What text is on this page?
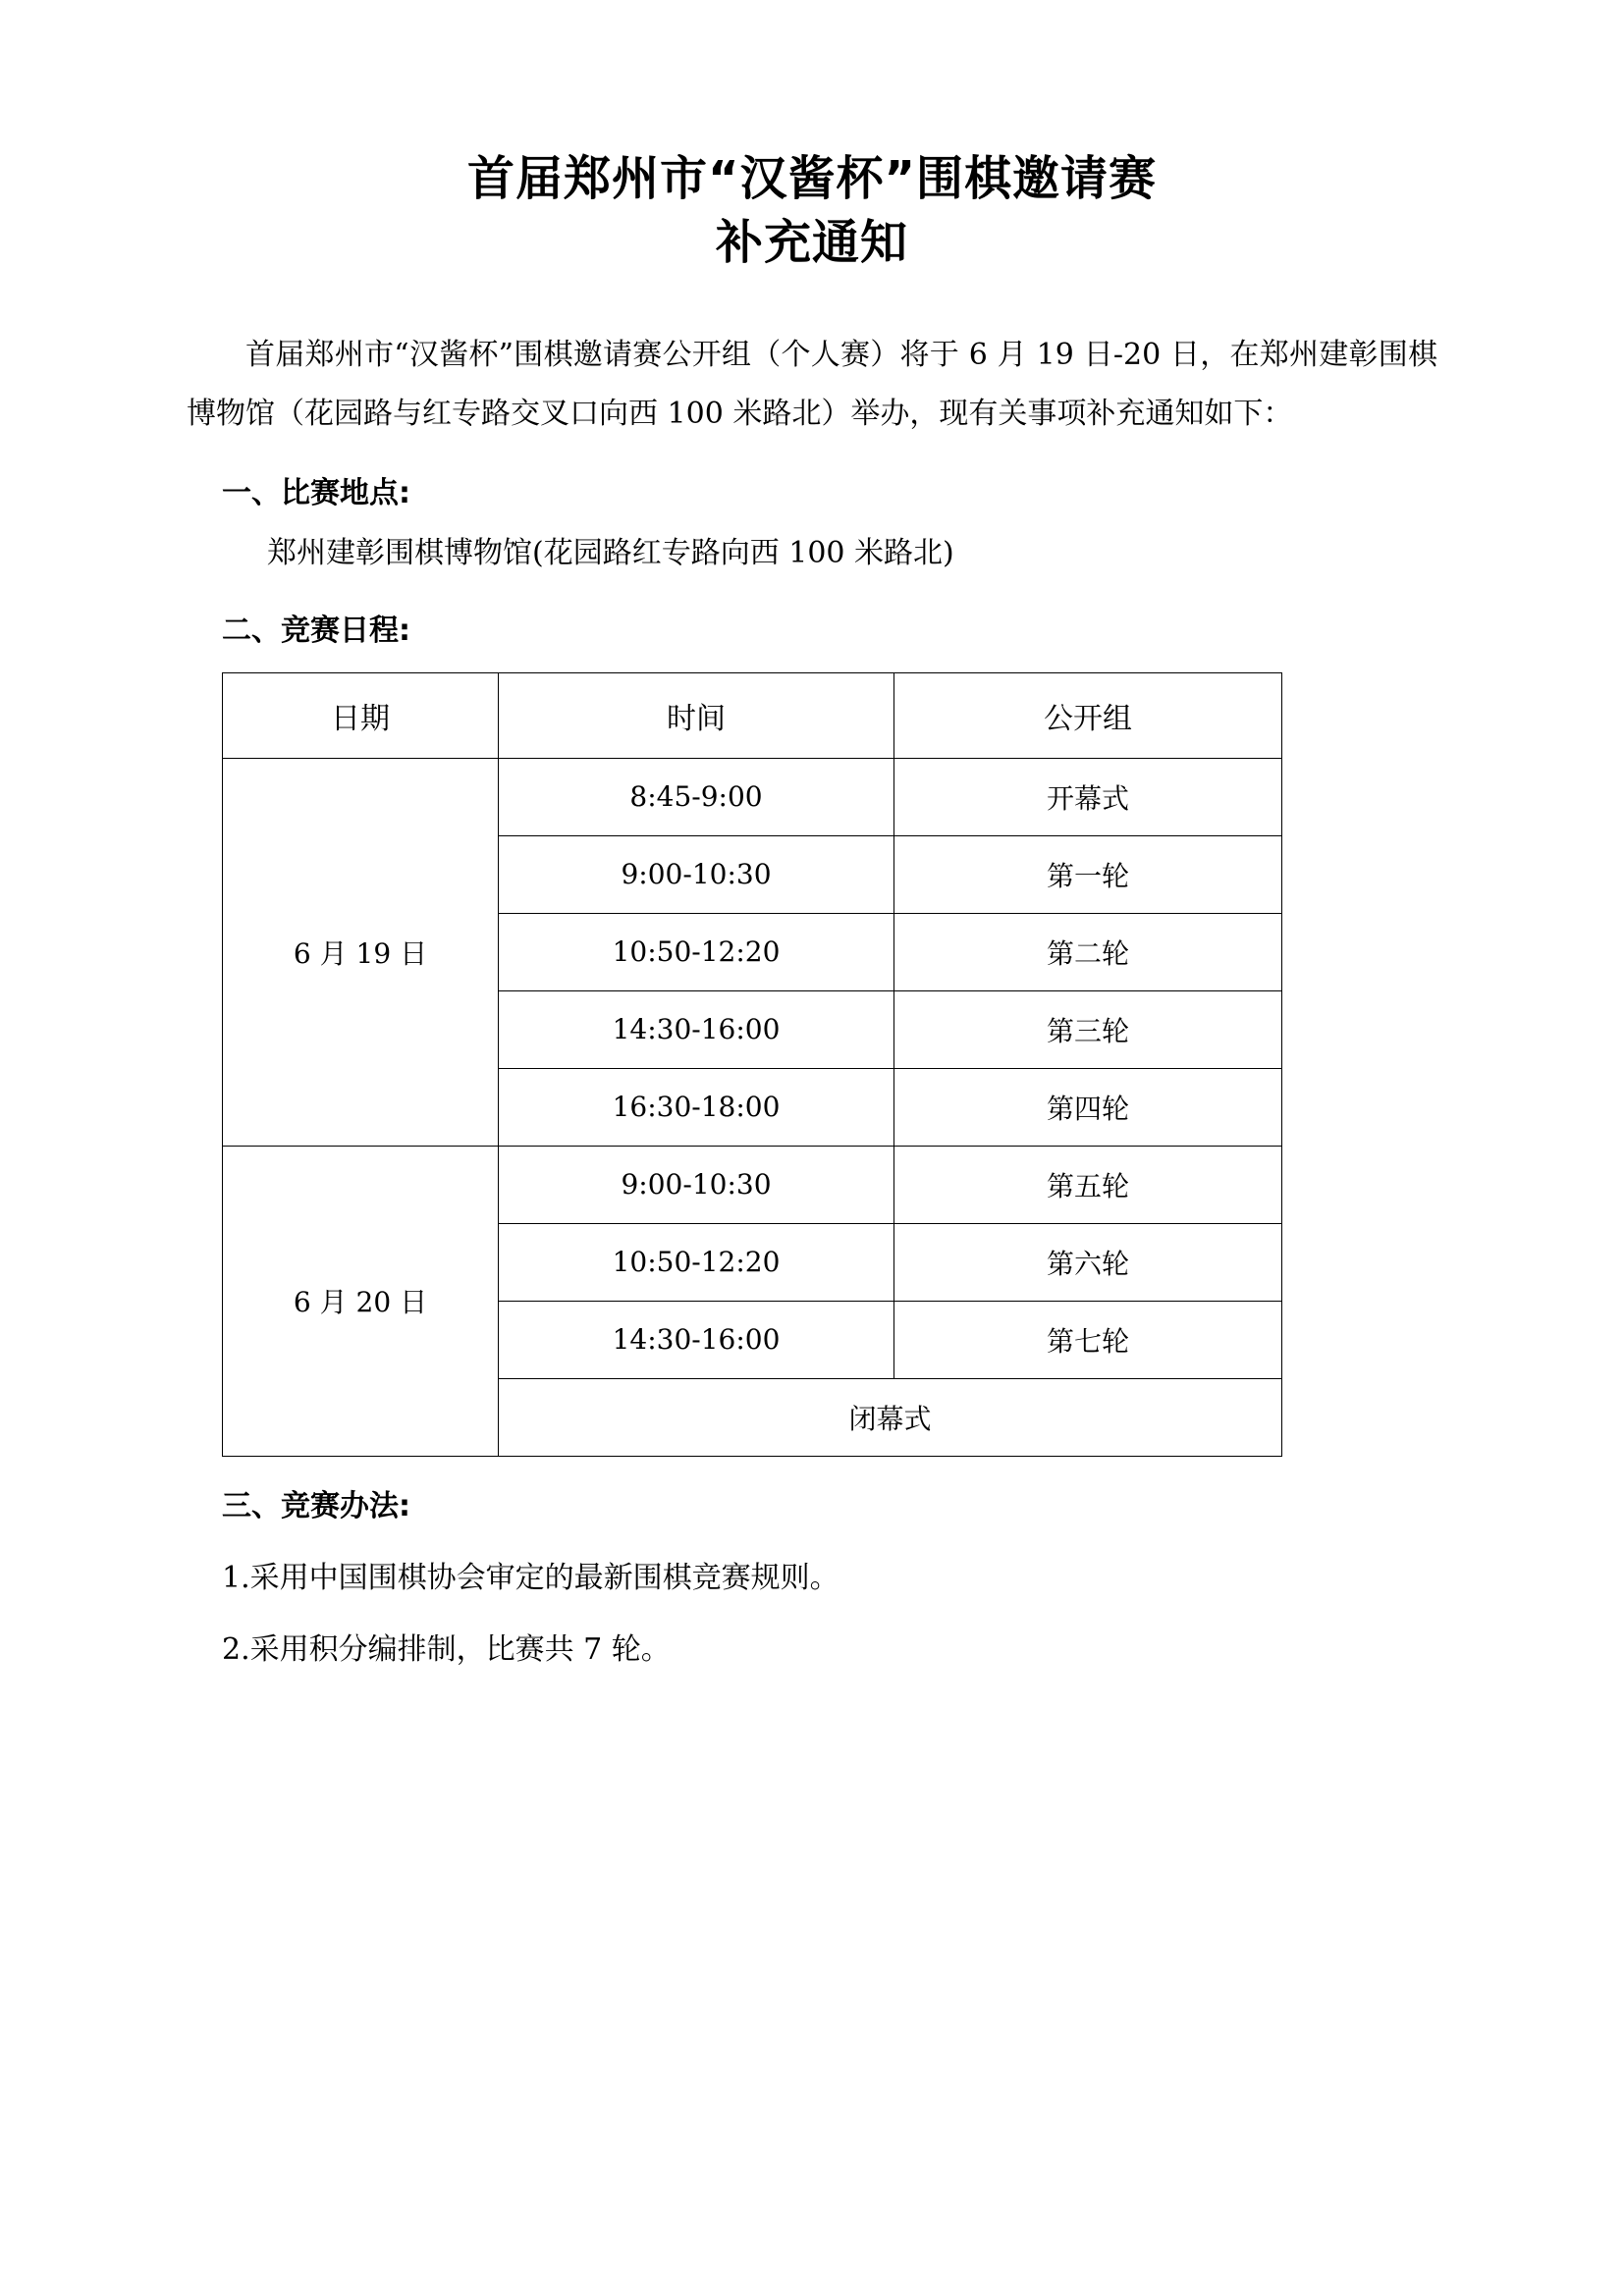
首届郑州市“汉酱杯”围棋邀请赛
补充通知

首届郑州市“汉酱杯”围棋邀请赛公开组（个人赛）将于 6 月 19 日-20 日，在郑州建彰围棋博物馆（花园路与红专路交叉口向西 100 米路北）举办，现有关事项补充通知如下：

一、比赛地点:
郑州建彰围棋博物馆(花园路红专路向西 100 米路北)
二、竞赛日程:
日期	时间	公开组
6 月 19 日	8:45-9:00	开幕式
	9:00-10:30	第一轮
	10:50-12:20	第二轮
	14:30-16:00	第三轮
	16:30-18:00	第四轮
6 月 20 日	9:00-10:30	第五轮
	10:50-12:20	第六轮
	14:30-16:00	第七轮
	闭幕式	
三、竞赛办法:

1.采用中国围棋协会审定的最新围棋竞赛规则。

2.采用积分编排制，比赛共 7 轮。
